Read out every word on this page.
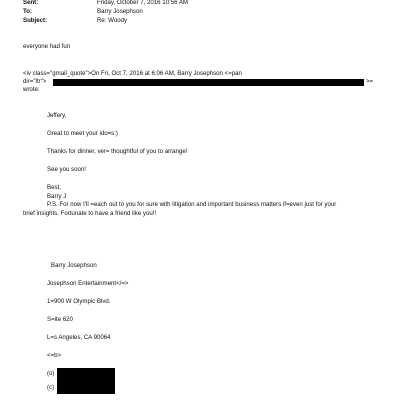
Sent:	Friday, October 7, 2016 10:56 AM
To:	Barry Josephson
Subject:	Re: Woody
everyone had fun
<iv class="gmail_quote">On Fri, Oct 7, 2016 at 6:06 AM, Barry Josephson <=pan
dir="ltr">	>=
wrote:
Jeffery,
Great to meet your ido=s:)
Thanks for dinner, ver= thoughtful of you to arrange!
See you soon!
Best,
Barry J
P.S. For now I'll =each out to you for sure with litigation and important business matters if=even just for your
brief insights. Fortunate to have a friend like you!!
Barry Josephson
Josephson Entertainment</=>
1=900 W Olympic Blvd.
S=ite 620
L=s Angeles, CA 90064
<=b>
(o)
(c)
